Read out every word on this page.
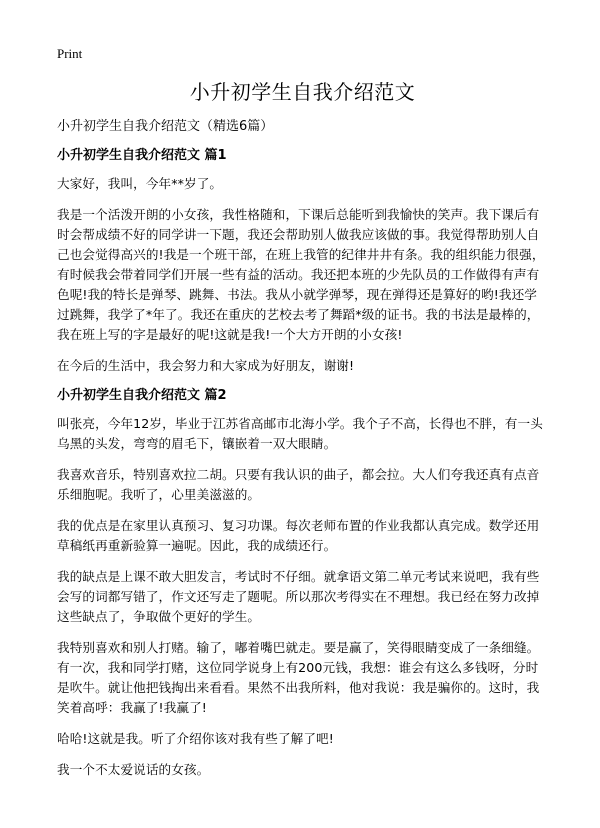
Print
小升初学生自我介绍范文
小升初学生自我介绍范文（精选6篇）
小升初学生自我介绍范文 篇1

大家好，我叫，今年**岁了。

我是一个活泼开朗的小女孩，我性格随和，下课后总能听到我愉快的笑声。我下课后有时会帮成绩不好的同学讲一下题，我还会帮助别人做我应该做的事。我觉得帮助别人自己也会觉得高兴的!我是一个班干部，在班上我管的纪律井井有条。我的组织能力很强，有时候我会带着同学们开展一些有益的活动。我还把本班的少先队员的工作做得有声有色呢!我的特长是弹琴、跳舞、书法。我从小就学弹琴，现在弹得还是算好的哟!我还学过跳舞，我学了*年了。我还在重庆的艺校去考了舞蹈*级的证书。我的书法是最棒的，我在班上写的字是最好的呢!这就是我!一个大方开朗的小女孩!

在今后的生活中，我会努力和大家成为好朋友，谢谢!

小升初学生自我介绍范文 篇2

叫张亮，今年12岁，毕业于江苏省高邮市北海小学。我个子不高，长得也不胖，有一头乌黑的头发，弯弯的眉毛下，镶嵌着一双大眼睛。

我喜欢音乐，特别喜欢拉二胡。只要有我认识的曲子，都会拉。大人们夸我还真有点音乐细胞呢。我听了，心里美滋滋的。

我的优点是在家里认真预习、复习功课。每次老师布置的作业我都认真完成。数学还用草稿纸再重新验算一遍呢。因此，我的成绩还行。

我的缺点是上课不敢大胆发言，考试时不仔细。就拿语文第二单元考试来说吧，我有些会写的词都写错了，作文还写走了题呢。所以那次考得实在不理想。我已经在努力改掉这些缺点了，争取做个更好的学生。

我特别喜欢和别人打赌。输了，嘟着嘴巴就走。要是赢了，笑得眼睛变成了一条细缝。有一次，我和同学打赌，这位同学说身上有200元钱，我想：谁会有这么多钱呀，分时是吹牛。就让他把钱掏出来看看。果然不出我所料，他对我说：我是骗你的。这时，我笑着高呼：我赢了!我赢了!

哈哈!这就是我。听了介绍你该对我有些了解了吧!

我一个不太爱说话的女孩。
